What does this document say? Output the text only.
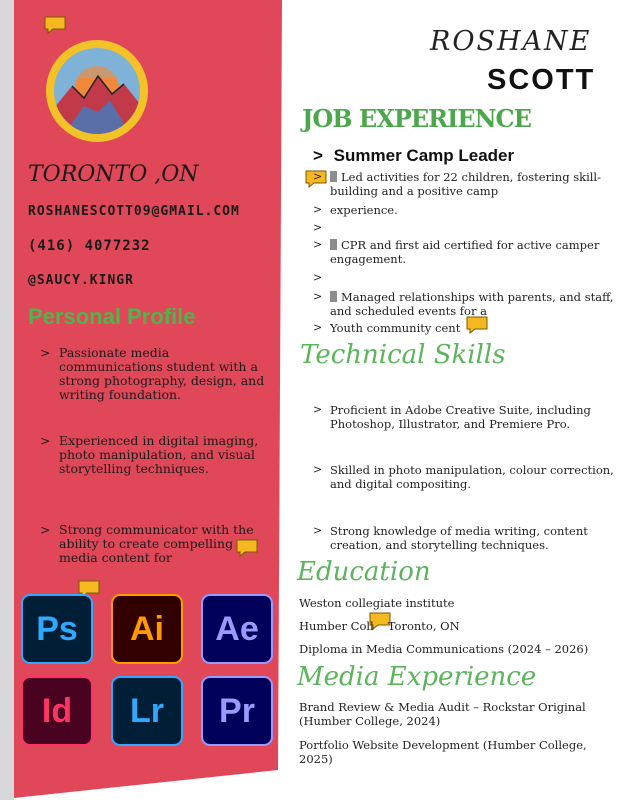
TORONTO ,ON
ROSHANESCOTT09@GMAIL.COM
(416) 4077232
@SAUCY.KINGR
Personal Profile
> Passionate media communications student with a strong photography, design, and writing foundation.
> Experienced in digital imaging, photo manipulation, and visual storytelling techniques.
> Strong communicator with the ability to create compelling media content for
Ps	Ai	Ae
Id	Lr	Pr
ROSHANE
SCOTT
JOB EXPERIENCE
> Summer Camp Leader
>	Led activities for 22 children, fostering skill-building and a positive camp
> experience.
>
>	CPR and first aid certified for active camper engagement.
>
>	Managed relationships with parents, and staff, and scheduled events for a
> Youth community cent
Technical Skills
> Proficient in Adobe Creative Suite, including Photoshop, Illustrator, and Premiere Pro.
> Skilled in photo manipulation, colour correction, and digital compositing.
> Strong knowledge of media writing, content creation, and storytelling techniques.
Education
Weston collegiate institute
Humber Coll Toronto, ON
Diploma in Media Communications (2024 – 2026)
Media Experience
Brand Review & Media Audit – Rockstar Original (Humber College, 2024)
Portfolio Website Development (Humber College, 2025)
